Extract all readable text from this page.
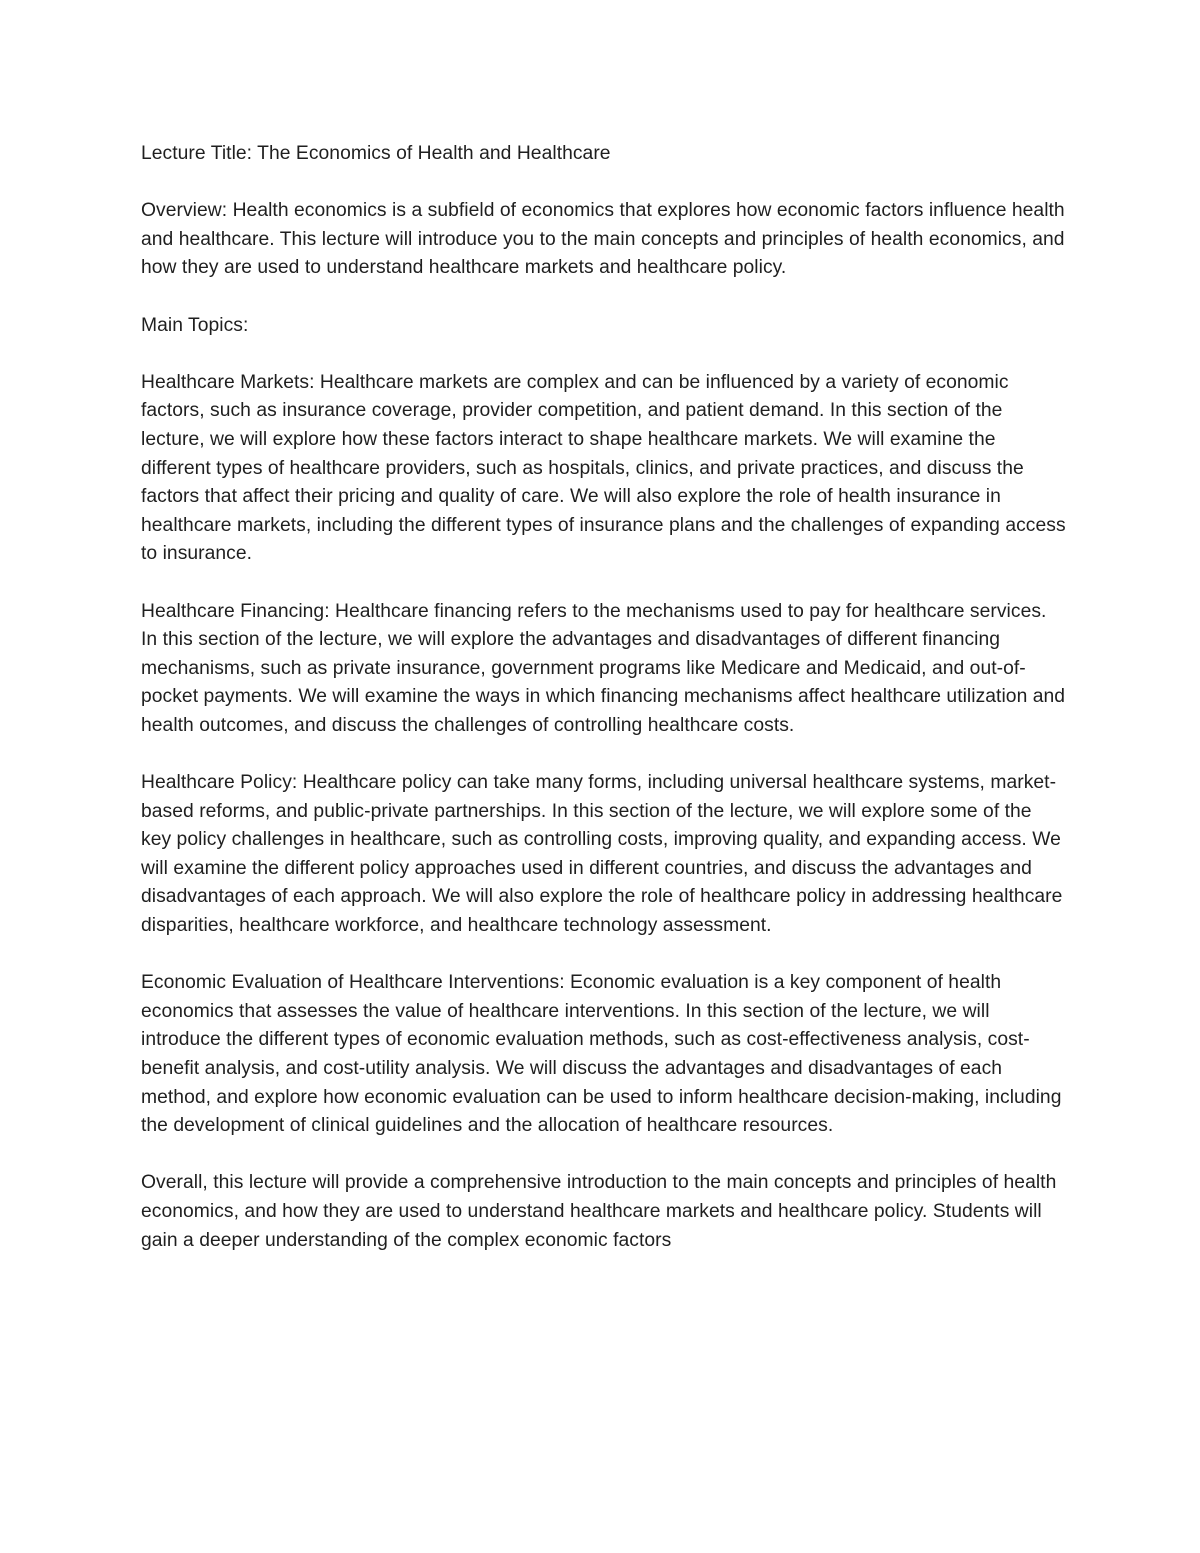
Lecture Title: The Economics of Health and Healthcare

Overview: Health economics is a subfield of economics that explores how economic factors influence health and healthcare. This lecture will introduce you to the main concepts and principles of health economics, and how they are used to understand healthcare markets and healthcare policy.

Main Topics:

Healthcare Markets: Healthcare markets are complex and can be influenced by a variety of economic factors, such as insurance coverage, provider competition, and patient demand. In this section of the lecture, we will explore how these factors interact to shape healthcare markets. We will examine the different types of healthcare providers, such as hospitals, clinics, and private practices, and discuss the factors that affect their pricing and quality of care. We will also explore the role of health insurance in healthcare markets, including the different types of insurance plans and the challenges of expanding access to insurance.

Healthcare Financing: Healthcare financing refers to the mechanisms used to pay for healthcare services. In this section of the lecture, we will explore the advantages and disadvantages of different financing mechanisms, such as private insurance, government programs like Medicare and Medicaid, and out-of-pocket payments. We will examine the ways in which financing mechanisms affect healthcare utilization and health outcomes, and discuss the challenges of controlling healthcare costs.

Healthcare Policy: Healthcare policy can take many forms, including universal healthcare systems, market-based reforms, and public-private partnerships. In this section of the lecture, we will explore some of the key policy challenges in healthcare, such as controlling costs, improving quality, and expanding access. We will examine the different policy approaches used in different countries, and discuss the advantages and disadvantages of each approach. We will also explore the role of healthcare policy in addressing healthcare disparities, healthcare workforce, and healthcare technology assessment.

Economic Evaluation of Healthcare Interventions: Economic evaluation is a key component of health economics that assesses the value of healthcare interventions. In this section of the lecture, we will introduce the different types of economic evaluation methods, such as cost-effectiveness analysis, cost-benefit analysis, and cost-utility analysis. We will discuss the advantages and disadvantages of each method, and explore how economic evaluation can be used to inform healthcare decision-making, including the development of clinical guidelines and the allocation of healthcare resources.

Overall, this lecture will provide a comprehensive introduction to the main concepts and principles of health economics, and how they are used to understand healthcare markets and healthcare policy. Students will gain a deeper understanding of the complex economic factors
